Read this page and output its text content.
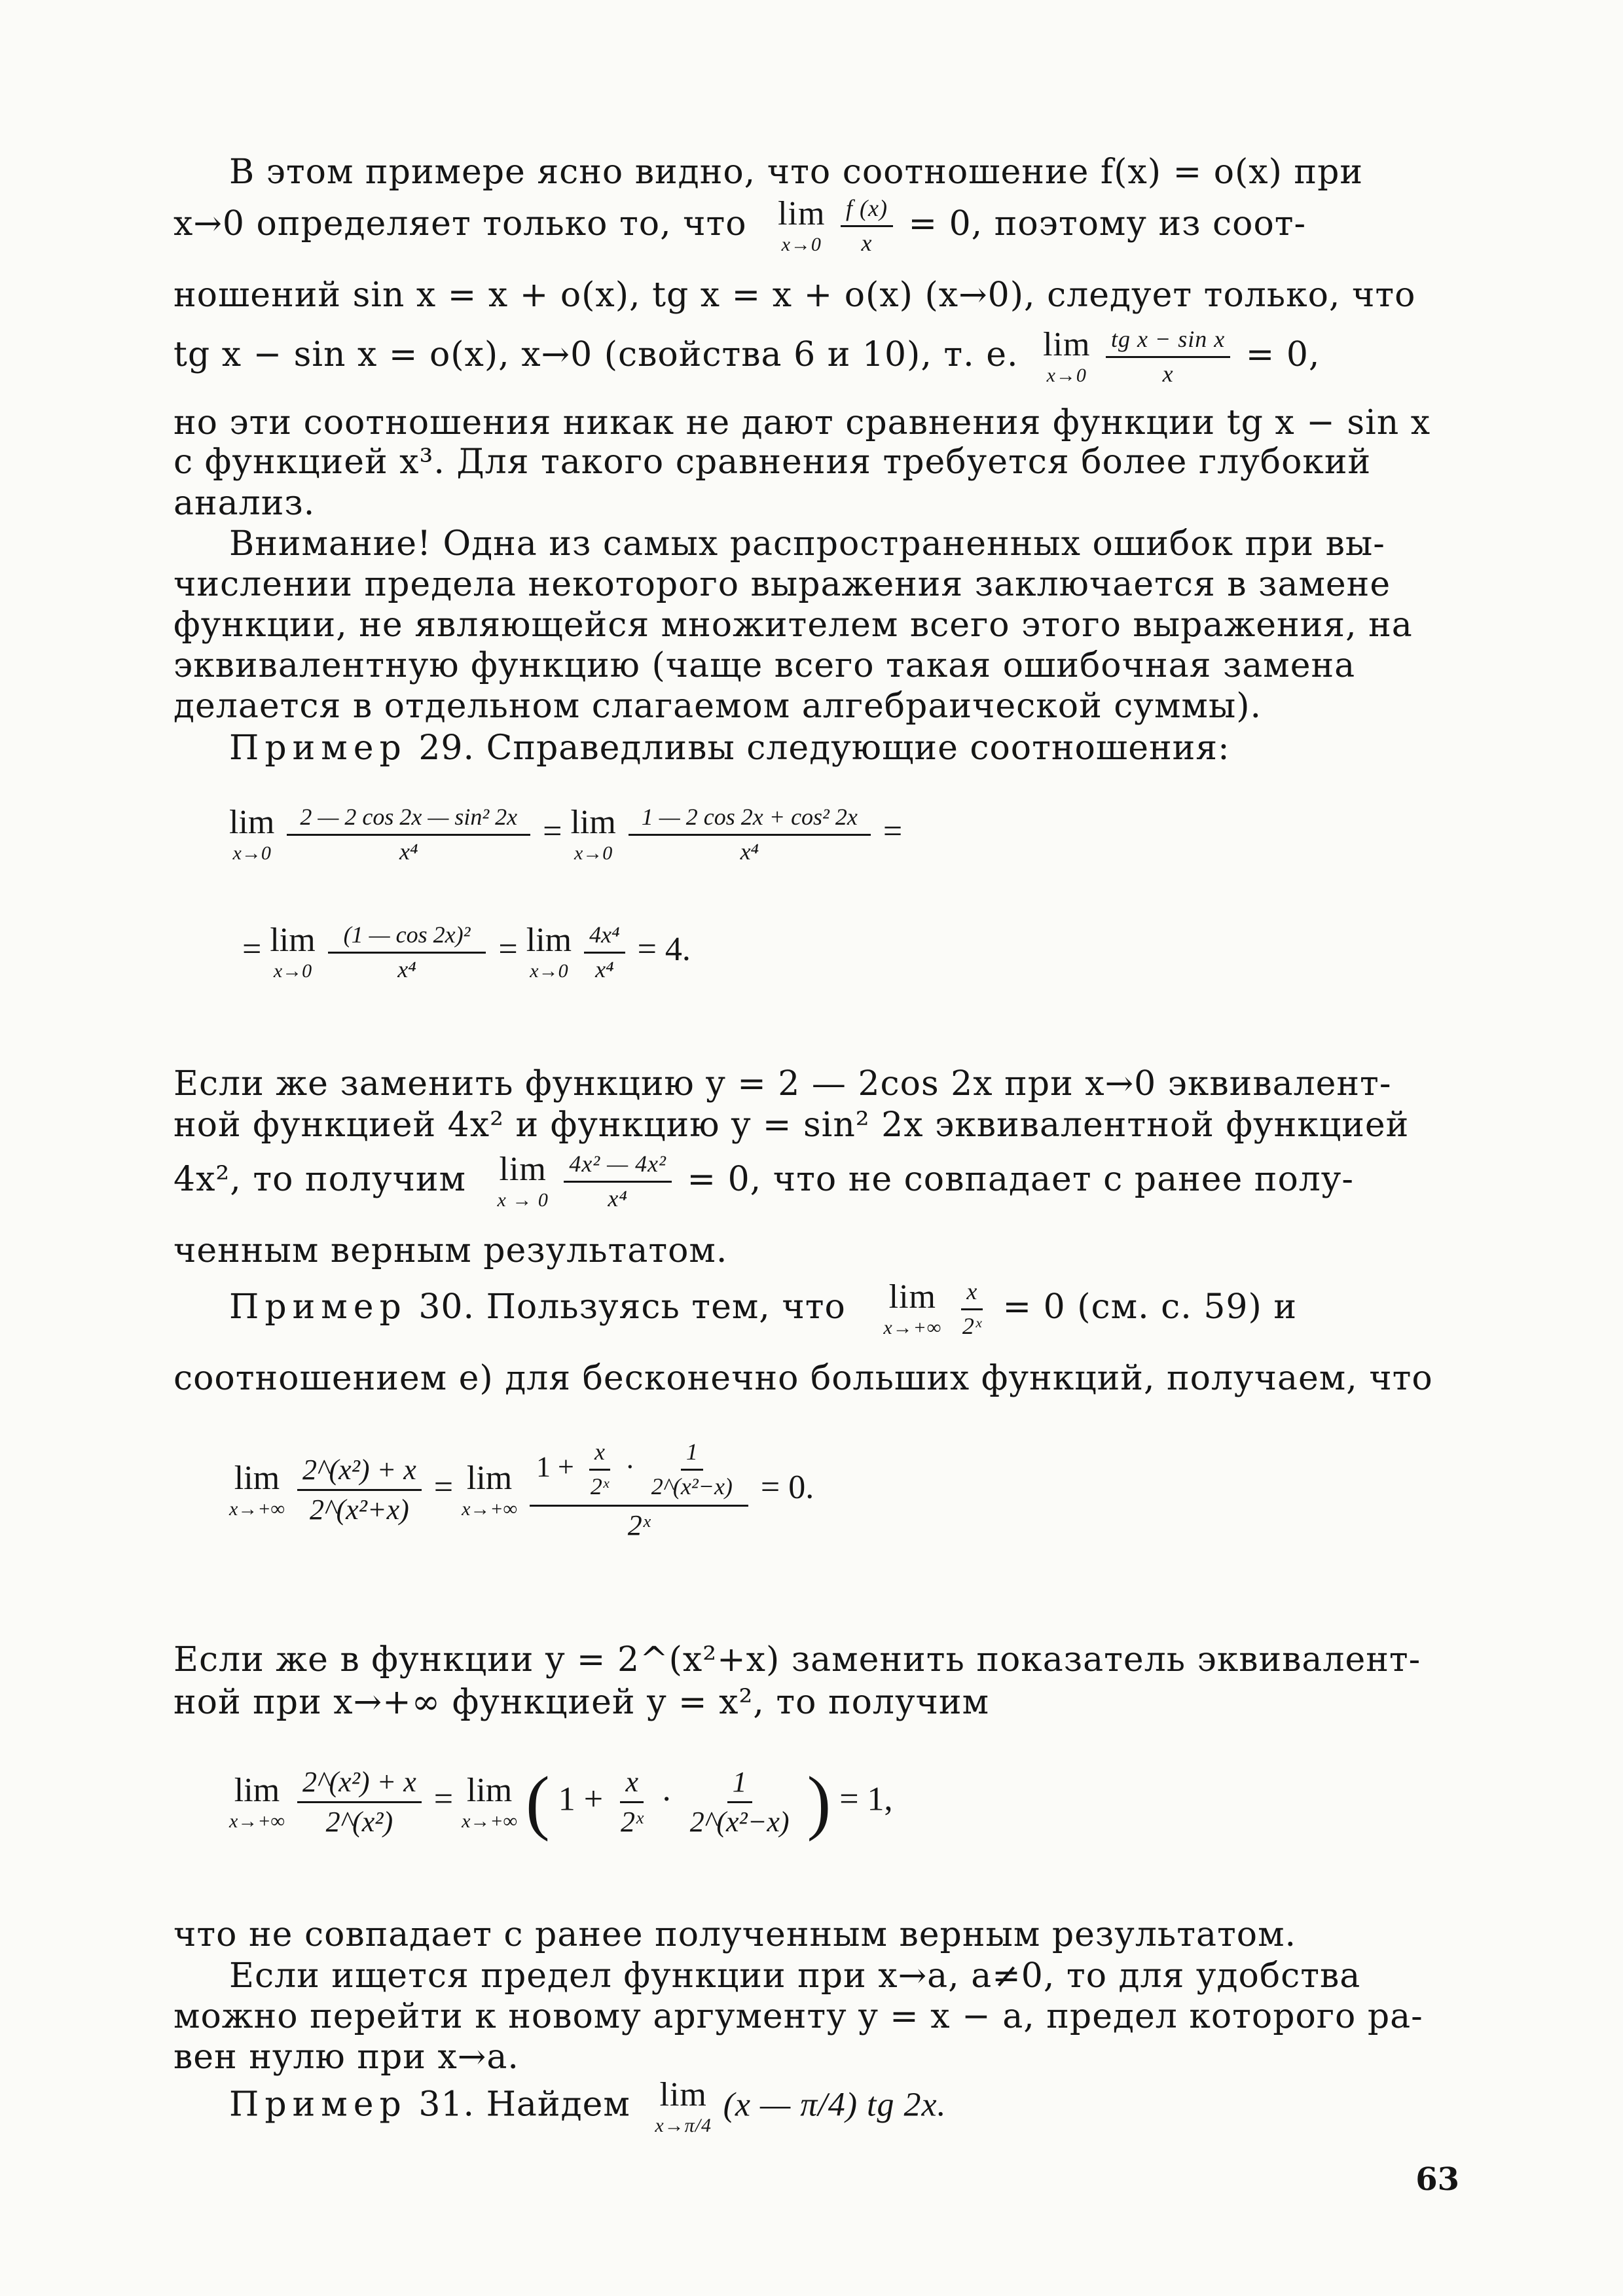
В этом примере ясно видно, что соотношение f(x) = o(x) при
x→0 определяет только то, что lim
x→0
$\frac{f (x)}{x} = 0$, поэтому из соот-
ношений sin x = x + o(x), tg x = x + o(x) (x→0), следует только, что
tg x − sin x = o(x), x→0 (свойства 6 и 10), т. е. lim
x→0
$\frac{\text{tg x − sin x}}{x} = 0$,
но эти соотношения никак не дают сравнения функции tg x − sin x
с функцией x³. Для такого сравнения требуется более глубокий
анализ.
Внимание! Одна из самых распространенных ошибок при вы-
числении предела некоторого выражения заключается в замене
функции, не являющейся множителем всего этого выражения, на
эквивалентную функцию (чаще всего такая ошибочная замена
делается в отдельном слагаемом алгебраической суммы).
Пример 29. Справедливы следующие соотношения:
lim
x→0
$\frac{\text{2 — 2 cos 2x — sin² 2x}}{\text{x⁴}} = \lim$
x→0
$\frac{\text{1 — 2 cos 2x + cos² 2x}}{\text{x⁴}}$ =
= lim
x→0
$\frac{\text{(1 — cos 2x)²}}{\text{x⁴}} = \lim$
x→0
$\frac{\text{4x⁴}}{\text{x⁴}} = 4$.
Если же заменить функцию y = 2 — 2cos 2x при x→0 эквивалент-
ной функцией 4x² и функцию y = sin² 2x эквивалентной функцией
4x², то получим lim
x → 0
$\frac{\text{4x² — 4x²}}{\text{x⁴}} = 0$, что не совпадает с ранее полу-
ченным верным результатом.
Пример 30. Пользуясь тем, что lim
x→+∞
$\frac{x}{\text{2ˣ}} = 0$ (см. с. 59) и
соотношением е) для бесконечно больших функций, получаем, что
lim
x→+∞
$\frac{\text{2\textasciicircum{}(x²) + x}}{\text{2\textasciicircum{}(x²+x)}} = \lim$
x→+∞

$1 + \frac{x}{\text{2ˣ}} \cdot \frac{1}{\text{2\textasciicircum{}(x²−x)}}$
2ˣ
= 0.
Если же в функции y = 2^(x²+x) заменить показатель эквивалент-
ной при x→+∞ функцией y = x², то получим
lim
x→+∞
$\frac{\text{2\textasciicircum{}(x²) + x}}{\text{2\textasciicircum{}(x²)}} = \lim$
x→+∞ ( $1 + \frac{x}{\text{2ˣ}} \cdot \frac{1}{\text{2\textasciicircum{}(x²−x)}}$ ) = 1,
что не совпадает с ранее полученным верным результатом.
Если ищется предел функции при x→a, a≠0, то для удобства
можно перейти к новому аргументу y = x − a, предел которого ра-
вен нулю при x→a.
Пример 31. Найдем lim
x→π/4
(x — π/4) tg 2x.
63
